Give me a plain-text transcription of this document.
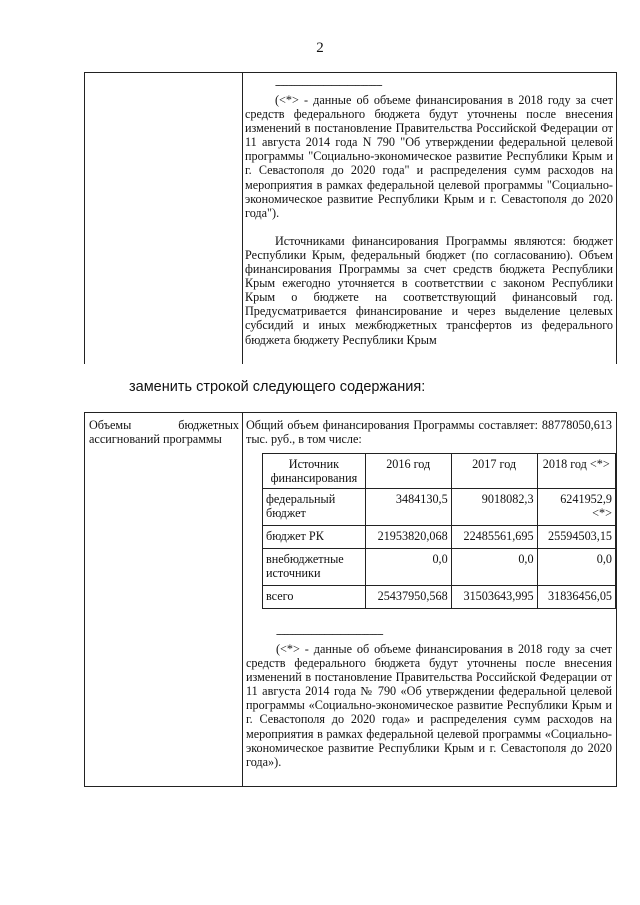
2
----------------------------------------

(<*> - данные об объеме финансирования в 2018 году за счет средств федерального бюджета будут уточнены после внесения изменений в постановление Правительства Российской Федерации от 11 августа 2014 года N 790 "Об утверждении федеральной целевой программы "Социально-экономическое развитие Республики Крым и г. Севастополя до 2020 года" и распределения сумм расходов на мероприятия в рамках федеральной целевой программы "Социально-экономическое развитие Республики Крым и г. Севастополя до 2020 года").

Источниками финансирования Программы являются: бюджет Республики Крым, федеральный бюджет (по согласованию). Объем финансирования Программы за счет средств бюджета Республики Крым ежегодно уточняется в соответствии с законом Республики Крым о бюджете на соответствующий финансовый год. Предусматривается финансирование и через выделение целевых субсидий и иных межбюджетных трансфертов из федерального бюджета бюджету Республики Крым

заменить строкой следующего содержания:
Объемы бюджетных ассигнований программы

Общий объем финансирования Программы составляет: 88778050,613 тыс. руб., в том числе:

Источник финансирования	2016 год	2017 год	2018 год <*>
федеральный бюджет	3484130,5	9018082,3	6241952,9 <*>
бюджет РК	21953820,068	22485561,695	25594503,15
внебюджетные источники	0,0	0,0	0,0
всего	25437950,568	31503643,995	31836456,05
----------------------------------------

(<*> - данные об объеме финансирования в 2018 году за счет средств федерального бюджета будут уточнены после внесения изменений в постановление Правительства Российской Федерации от 11 августа 2014 года № 790 «Об утверждении федеральной целевой программы «Социально-экономическое развитие Республики Крым и г. Севастополя до 2020 года» и распределения сумм расходов на мероприятия в рамках федеральной целевой программы «Социально-экономическое развитие Республики Крым и г. Севастополя до 2020 года»).
